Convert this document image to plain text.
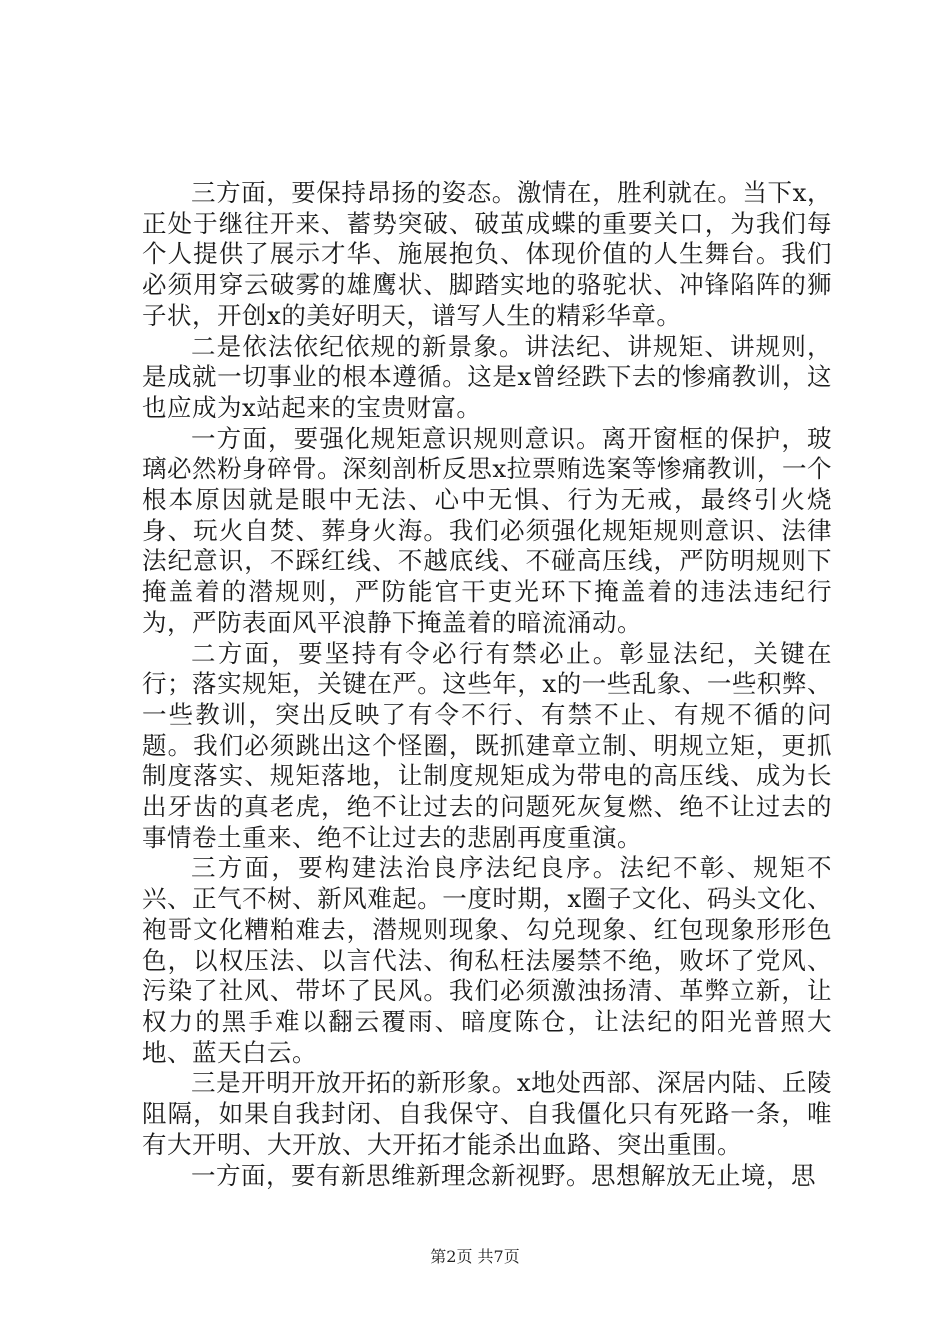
三方面，要保持昂扬的姿态。激情在，胜利就在。当下x，正处于继往开来、蓄势突破、破茧成蝶的重要关口，为我们每个人提供了展示才华、施展抱负、体现价值的人生舞台。我们必须用穿云破雾的雄鹰状、脚踏实地的骆驼状、冲锋陷阵的狮子状，开创x的美好明天，谱写人生的精彩华章。

二是依法依纪依规的新景象。讲法纪、讲规矩、讲规则，是成就一切事业的根本遵循。这是x曾经跌下去的惨痛教训，这也应成为x站起来的宝贵财富。

一方面，要强化规矩意识规则意识。离开窗框的保护，玻璃必然粉身碎骨。深刻剖析反思x拉票贿选案等惨痛教训，一个根本原因就是眼中无法、心中无惧、行为无戒，最终引火烧身、玩火自焚、葬身火海。我们必须强化规矩规则意识、法律法纪意识，不踩红线、不越底线、不碰高压线，严防明规则下掩盖着的潜规则，严防能官干吏光环下掩盖着的违法违纪行为，严防表面风平浪静下掩盖着的暗流涌动。

二方面，要坚持有令必行有禁必止。彰显法纪，关键在行；落实规矩，关键在严。这些年，x的一些乱象、一些积弊、一些教训，突出反映了有令不行、有禁不止、有规不循的问题。我们必须跳出这个怪圈，既抓建章立制、明规立矩，更抓制度落实、规矩落地，让制度规矩成为带电的高压线、成为长出牙齿的真老虎，绝不让过去的问题死灰复燃、绝不让过去的事情卷土重来、绝不让过去的悲剧再度重演。

三方面，要构建法治良序法纪良序。法纪不彰、规矩不兴、正气不树、新风难起。一度时期，x圈子文化、码头文化、袍哥文化糟粕难去，潜规则现象、勾兑现象、红包现象形形色色，以权压法、以言代法、徇私枉法屡禁不绝，败坏了党风、污染了社风、带坏了民风。我们必须激浊扬清、革弊立新，让权力的黑手难以翻云覆雨、暗度陈仓，让法纪的阳光普照大地、蓝天白云。

三是开明开放开拓的新形象。x地处西部、深居内陆、丘陵阻隔，如果自我封闭、自我保守、自我僵化只有死路一条，唯有大开明、大开放、大开拓才能杀出血路、突出重围。

一方面，要有新思维新理念新视野。思想解放无止境，思

第2页 共7页
